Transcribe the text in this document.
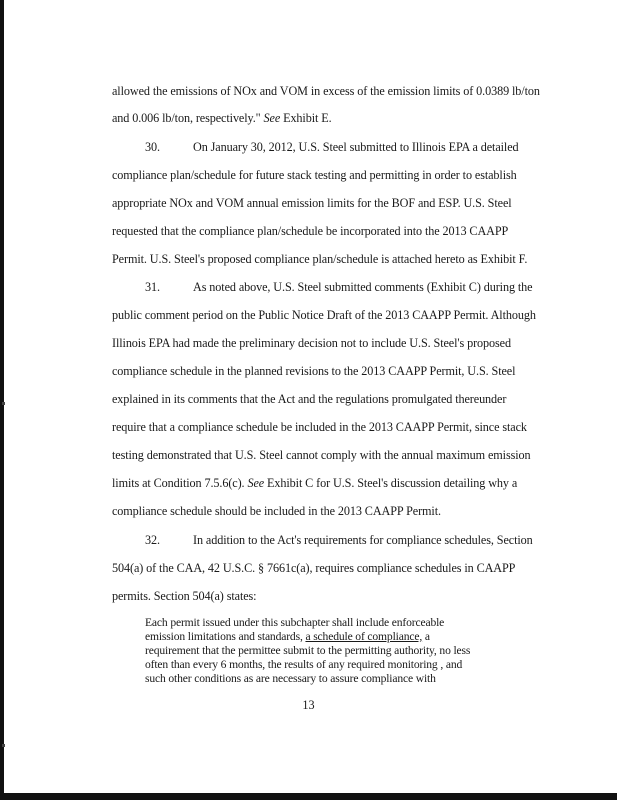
allowed the emissions of NOx and VOM in excess of the emission limits of 0.0389 lb/ton
and 0.006 lb/ton, respectively." See Exhibit E.
30.	On January 30, 2012, U.S. Steel submitted to Illinois EPA a detailed
compliance plan/schedule for future stack testing and permitting in order to establish
appropriate NOx and VOM annual emission limits for the BOF and ESP. U.S. Steel
requested that the compliance plan/schedule be incorporated into the 2013 CAAPP
Permit. U.S. Steel's proposed compliance plan/schedule is attached hereto as Exhibit F.
31.	As noted above, U.S. Steel submitted comments (Exhibit C) during the
public comment period on the Public Notice Draft of the 2013 CAAPP Permit. Although
Illinois EPA had made the preliminary decision not to include U.S. Steel's proposed
compliance schedule in the planned revisions to the 2013 CAAPP Permit, U.S. Steel
explained in its comments that the Act and the regulations promulgated thereunder
require that a compliance schedule be included in the 2013 CAAPP Permit, since stack
testing demonstrated that U.S. Steel cannot comply with the annual maximum emission
limits at Condition 7.5.6(c). See Exhibit C for U.S. Steel's discussion detailing why a
compliance schedule should be included in the 2013 CAAPP Permit.
32.	In addition to the Act's requirements for compliance schedules, Section
504(a) of the CAA, 42 U.S.C. § 7661c(a), requires compliance schedules in CAAPP
permits. Section 504(a) states:
Each permit issued under this subchapter shall include enforceable
emission limitations and standards, a schedule of compliance, a
requirement that the permittee submit to the permitting authority, no less
often than every 6 months, the results of any required monitoring , and
such other conditions as are necessary to assure compliance with
13
